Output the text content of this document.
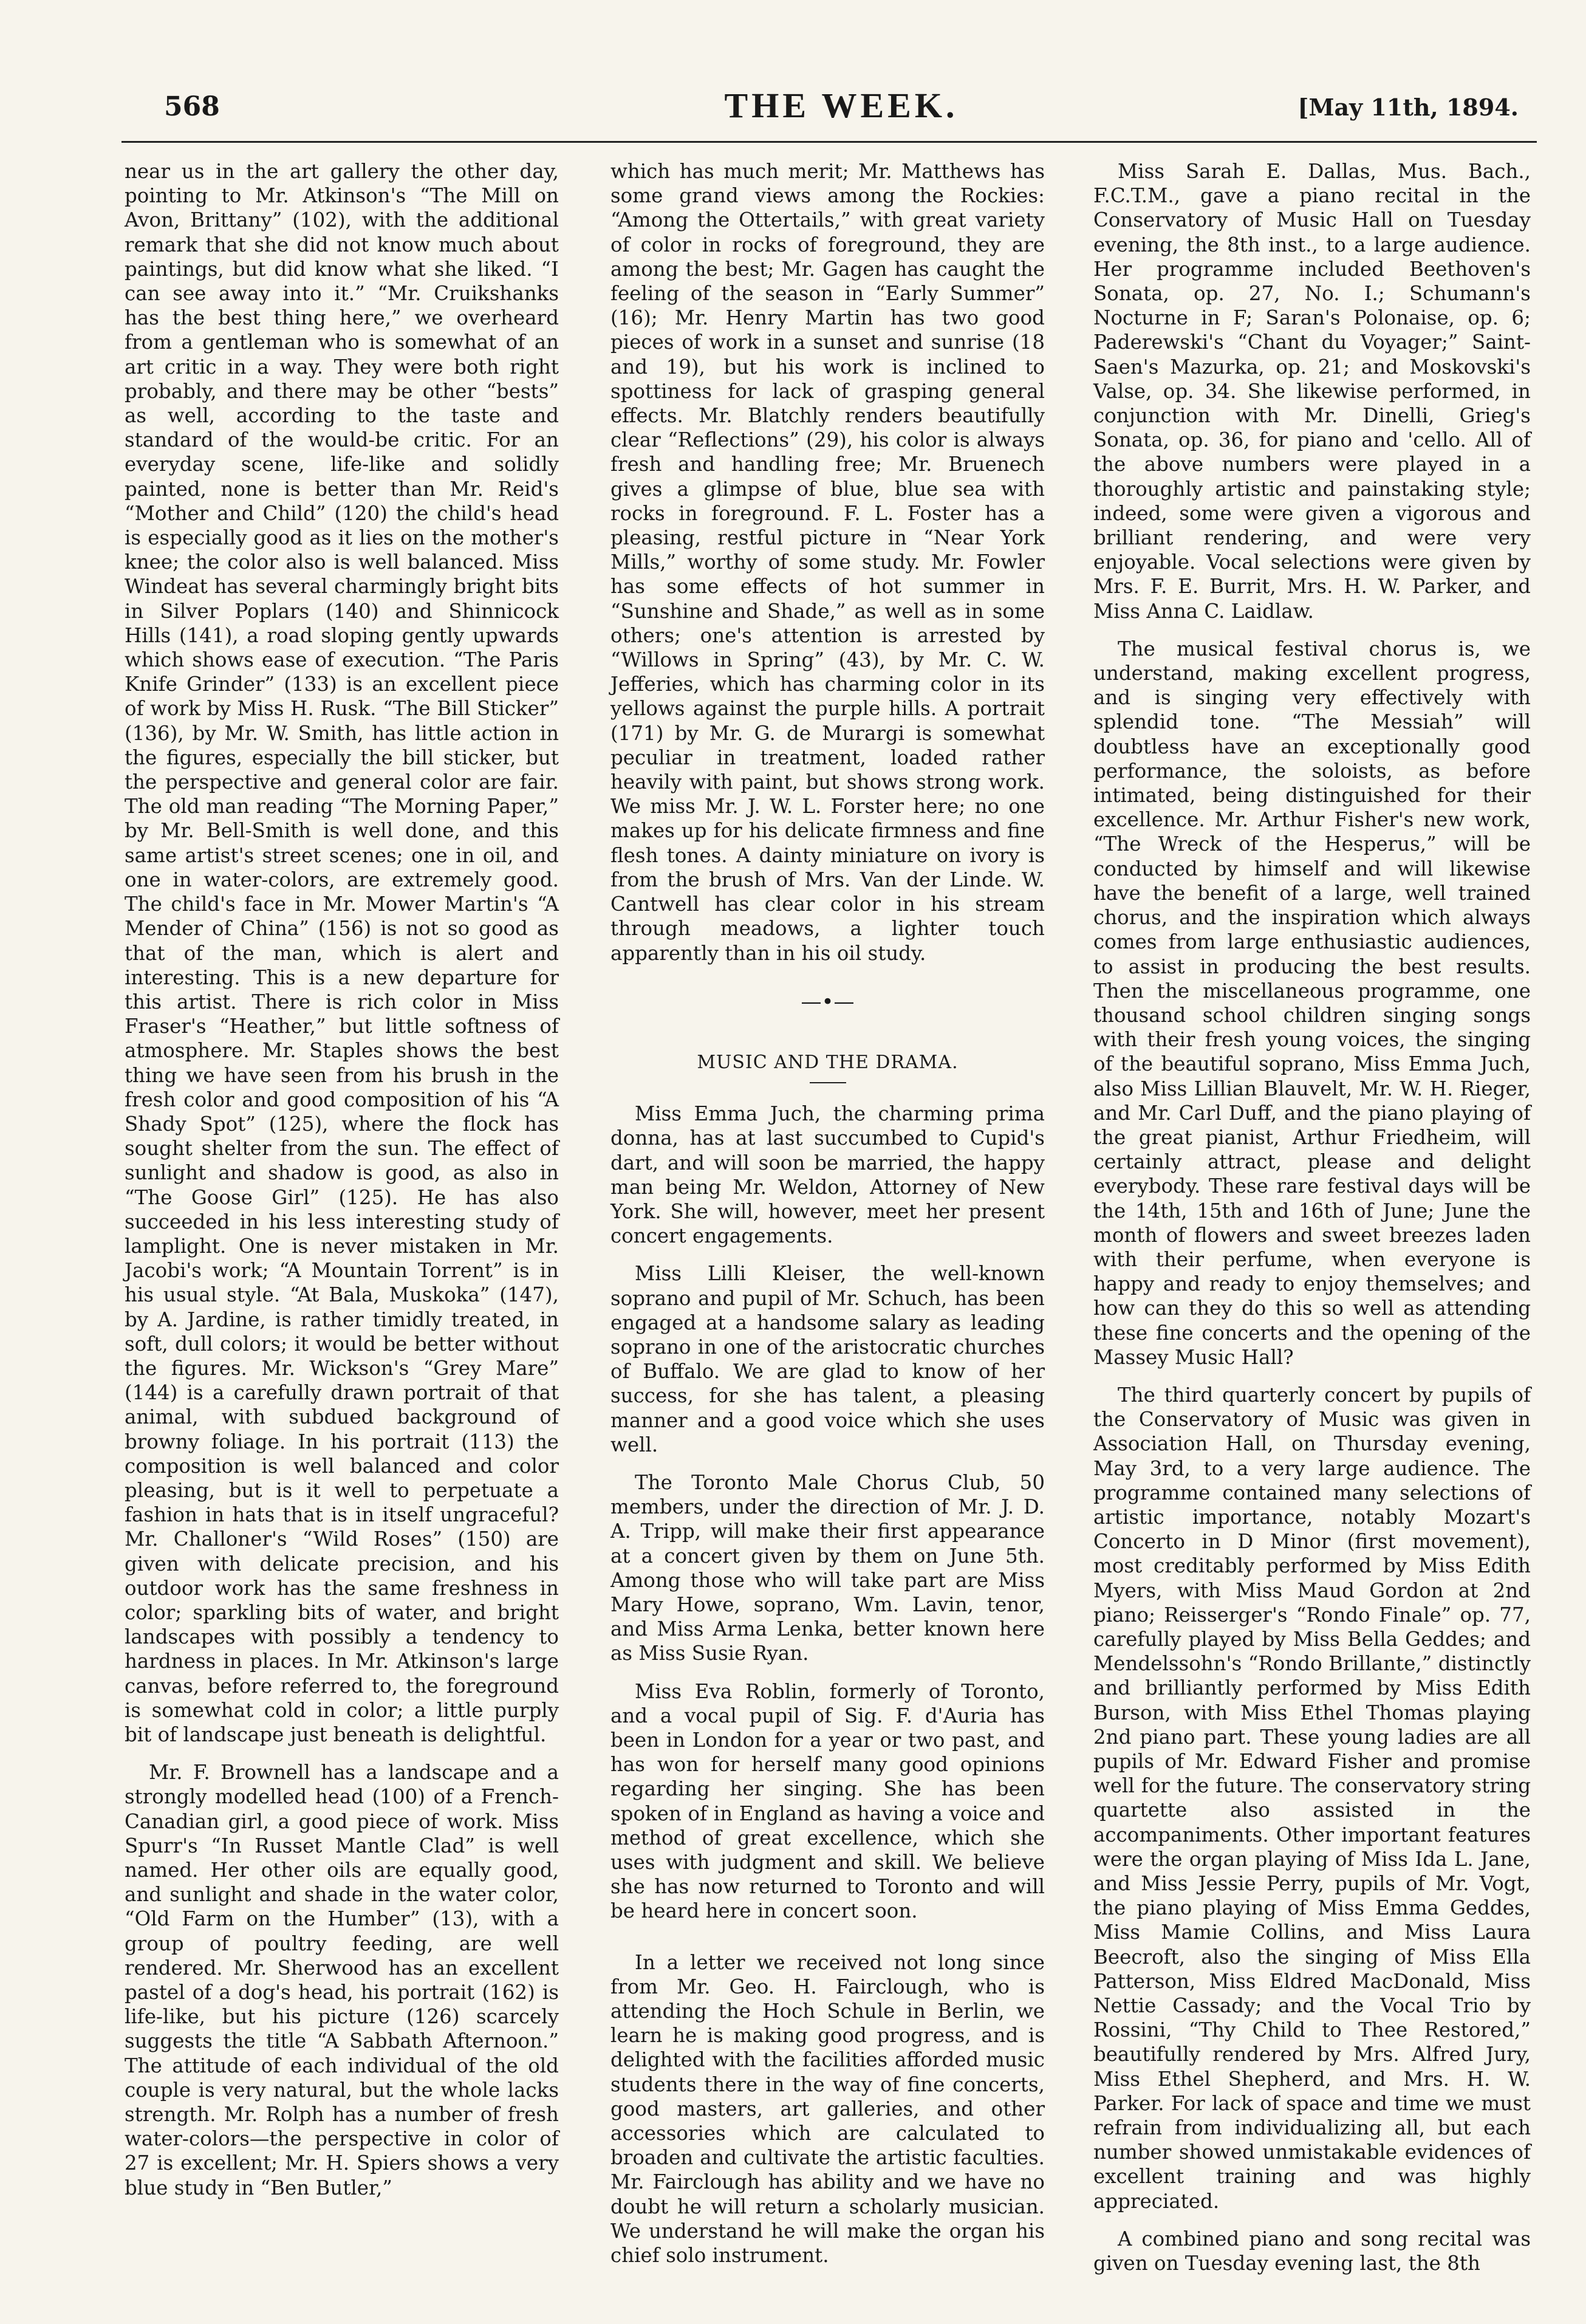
568	THE WEEK.	[May 11th, 1894.

near us in the art gallery the other day, pointing to Mr. Atkinson's “The Mill on Avon, Brittany” (102), with the additional remark that she did not know much about paintings, but did know what she liked. “I can see away into it.” “Mr. Cruikshanks has the best thing here,” we overheard from a gentleman who is somewhat of an art critic in a way. They were both right probably, and there may be other “bests” as well, according to the taste and standard of the would-be critic. For an everyday scene, life-like and solidly painted, none is better than Mr. Reid's “Mother and Child” (120) the child's head is especially good as it lies on the mother's knee; the color also is well balanced. Miss Windeat has several charmingly bright bits in Silver Poplars (140) and Shinnicock Hills (141), a road sloping gently upwards which shows ease of execution. “The Paris Knife Grinder” (133) is an excellent piece of work by Miss H. Rusk. “The Bill Sticker” (136), by Mr. W. Smith, has little action in the figures, especially the bill sticker, but the perspective and general color are fair. The old man reading “The Morning Paper,” by Mr. Bell-Smith is well done, and this same artist's street scenes; one in oil, and one in water-colors, are extremely good. The child's face in Mr. Mower Martin's “A Mender of China” (156) is not so good as that of the man, which is alert and interesting. This is a new departure for this artist. There is rich color in Miss Fraser's “Heather,” but little softness of atmosphere. Mr. Staples shows the best thing we have seen from his brush in the fresh color and good composition of his “A Shady Spot” (125), where the flock has sought shelter from the sun. The effect of sunlight and shadow is good, as also in “The Goose Girl” (125). He has also succeeded in his less interesting study of lamplight. One is never mistaken in Mr. Jacobi's work; “A Mountain Torrent” is in his usual style. “At Bala, Muskoka” (147), by A. Jardine, is rather timidly treated, in soft, dull colors; it would be better without the figures. Mr. Wickson's “Grey Mare” (144) is a carefully drawn portrait of that animal, with subdued background of browny foliage. In his portrait (113) the composition is well balanced and color pleasing, but is it well to perpetuate a fashion in hats that is in itself ungraceful? Mr. Challoner's “Wild Roses” (150) are given with delicate precision, and his outdoor work has the same freshness in color; sparkling bits of water, and bright landscapes with possibly a tendency to hardness in places. In Mr. Atkinson's large canvas, before referred to, the foreground is somewhat cold in color; a little purply bit of landscape just beneath is delightful.

Mr. F. Brownell has a landscape and a strongly modelled head (100) of a French-Canadian girl, a good piece of work. Miss Spurr's “In Russet Mantle Clad” is well named. Her other oils are equally good, and sunlight and shade in the water color, “Old Farm on the Humber” (13), with a group of poultry feeding, are well rendered. Mr. Sherwood has an excellent pastel of a dog's head, his portrait (162) is life-like, but his picture (126) scarcely suggests the title “A Sabbath Afternoon.” The attitude of each individual of the old couple is very natural, but the whole lacks strength. Mr. Rolph has a number of fresh water-colors—the perspective in color of 27 is excellent; Mr. H. Spiers shows a very blue study in “Ben Butler,”

which has much merit; Mr. Matthews has some grand views among the Rockies: “Among the Ottertails,” with great variety of color in rocks of foreground, they are among the best; Mr. Gagen has caught the feeling of the season in “Early Summer” (16); Mr. Henry Martin has two good pieces of work in a sunset and sunrise (18 and 19), but his work is inclined to spottiness for lack of grasping general effects. Mr. Blatchly renders beautifully clear “Reflections” (29), his color is always fresh and handling free; Mr. Bruenech gives a glimpse of blue, blue sea with rocks in foreground. F. L. Foster has a pleasing, restful picture in “Near York Mills,” worthy of some study. Mr. Fowler has some effects of hot summer in “Sunshine and Shade,” as well as in some others; one's attention is arrested by “Willows in Spring” (43), by Mr. C. W. Jefferies, which has charming color in its yellows against the purple hills. A portrait (171) by Mr. G. de Murargi is somewhat peculiar in treatment, loaded rather heavily with paint, but shows strong work. We miss Mr. J. W. L. Forster here; no one makes up for his delicate firmness and fine flesh tones. A dainty miniature on ivory is from the brush of Mrs. Van der Linde. W. Cantwell has clear color in his stream through meadows, a lighter touch apparently than in his oil study.

—•—
MUSIC AND THE DRAMA.

Miss Emma Juch, the charming prima donna, has at last succumbed to Cupid's dart, and will soon be married, the happy man being Mr. Weldon, Attorney of New York. She will, however, meet her present concert engagements.

Miss Lilli Kleiser, the well-known soprano and pupil of Mr. Schuch, has been engaged at a handsome salary as leading soprano in one of the aristocratic churches of Buffalo. We are glad to know of her success, for she has talent, a pleasing manner and a good voice which she uses well.

The Toronto Male Chorus Club, 50 members, under the direction of Mr. J. D. A. Tripp, will make their first appearance at a concert given by them on June 5th. Among those who will take part are Miss Mary Howe, soprano, Wm. Lavin, tenor, and Miss Arma Lenka, better known here as Miss Susie Ryan.

Miss Eva Roblin, formerly of Toronto, and a vocal pupil of Sig. F. d'Auria has been in London for a year or two past, and has won for herself many good opinions regarding her singing. She has been spoken of in England as having a voice and method of great excellence, which she uses with judgment and skill. We believe she has now returned to Toronto and will be heard here in concert soon.

In a letter we received not long since from Mr. Geo. H. Fairclough, who is attending the Hoch Schule in Berlin, we learn he is making good progress, and is delighted with the facilities afforded music students there in the way of fine concerts, good masters, art galleries, and other accessories which are calculated to broaden and cultivate the artistic faculties. Mr. Fairclough has ability and we have no doubt he will return a scholarly musician. We understand he will make the organ his chief solo instrument.

Miss Sarah E. Dallas, Mus. Bach., F.C.T.M., gave a piano recital in the Conservatory of Music Hall on Tuesday evening, the 8th inst., to a large audience. Her programme included Beethoven's Sonata, op. 27, No. I.; Schumann's Nocturne in F; Saran's Polonaise, op. 6; Paderewski's “Chant du Voyager;” Saint-Saen's Mazurka, op. 21; and Moskovski's Valse, op. 34. She likewise performed, in conjunction with Mr. Dinelli, Grieg's Sonata, op. 36, for piano and 'cello. All of the above numbers were played in a thoroughly artistic and painstaking style; indeed, some were given a vigorous and brilliant rendering, and were very enjoyable. Vocal selections were given by Mrs. F. E. Burrit, Mrs. H. W. Parker, and Miss Anna C. Laidlaw.

The musical festival chorus is, we understand, making excellent progress, and is singing very effectively with splendid tone. “The Messiah” will doubtless have an exceptionally good performance, the soloists, as before intimated, being distinguished for their excellence. Mr. Arthur Fisher's new work, “The Wreck of the Hesperus,” will be conducted by himself and will likewise have the benefit of a large, well trained chorus, and the inspiration which always comes from large enthusiastic audiences, to assist in producing the best results. Then the miscellaneous programme, one thousand school children singing songs with their fresh young voices, the singing of the beautiful soprano, Miss Emma Juch, also Miss Lillian Blauvelt, Mr. W. H. Rieger, and Mr. Carl Duff, and the piano playing of the great pianist, Arthur Friedheim, will certainly attract, please and delight everybody. These rare festival days will be the 14th, 15th and 16th of June; June the month of flowers and sweet breezes laden with their perfume, when everyone is happy and ready to enjoy themselves; and how can they do this so well as attending these fine concerts and the opening of the Massey Music Hall?

The third quarterly concert by pupils of the Conservatory of Music was given in Association Hall, on Thursday evening, May 3rd, to a very large audience. The programme contained many selections of artistic importance, notably Mozart's Concerto in D Minor (first movement), most creditably performed by Miss Edith Myers, with Miss Maud Gordon at 2nd piano; Reisserger's “Rondo Finale” op. 77, carefully played by Miss Bella Geddes; and Mendelssohn's “Rondo Brillante,” distinctly and brilliantly performed by Miss Edith Burson, with Miss Ethel Thomas playing 2nd piano part. These young ladies are all pupils of Mr. Edward Fisher and promise well for the future. The conservatory string quartette also assisted in the accompaniments. Other important features were the organ playing of Miss Ida L. Jane, and Miss Jessie Perry, pupils of Mr. Vogt, the piano playing of Miss Emma Geddes, Miss Mamie Collins, and Miss Laura Beecroft, also the singing of Miss Ella Patterson, Miss Eldred MacDonald, Miss Nettie Cassady; and the Vocal Trio by Rossini, “Thy Child to Thee Restored,” beautifully rendered by Mrs. Alfred Jury, Miss Ethel Shepherd, and Mrs. H. W. Parker. For lack of space and time we must refrain from individualizing all, but each number showed unmistakable evidences of excellent training and was highly appreciated.

A combined piano and song recital was given on Tuesday evening last, the 8th
